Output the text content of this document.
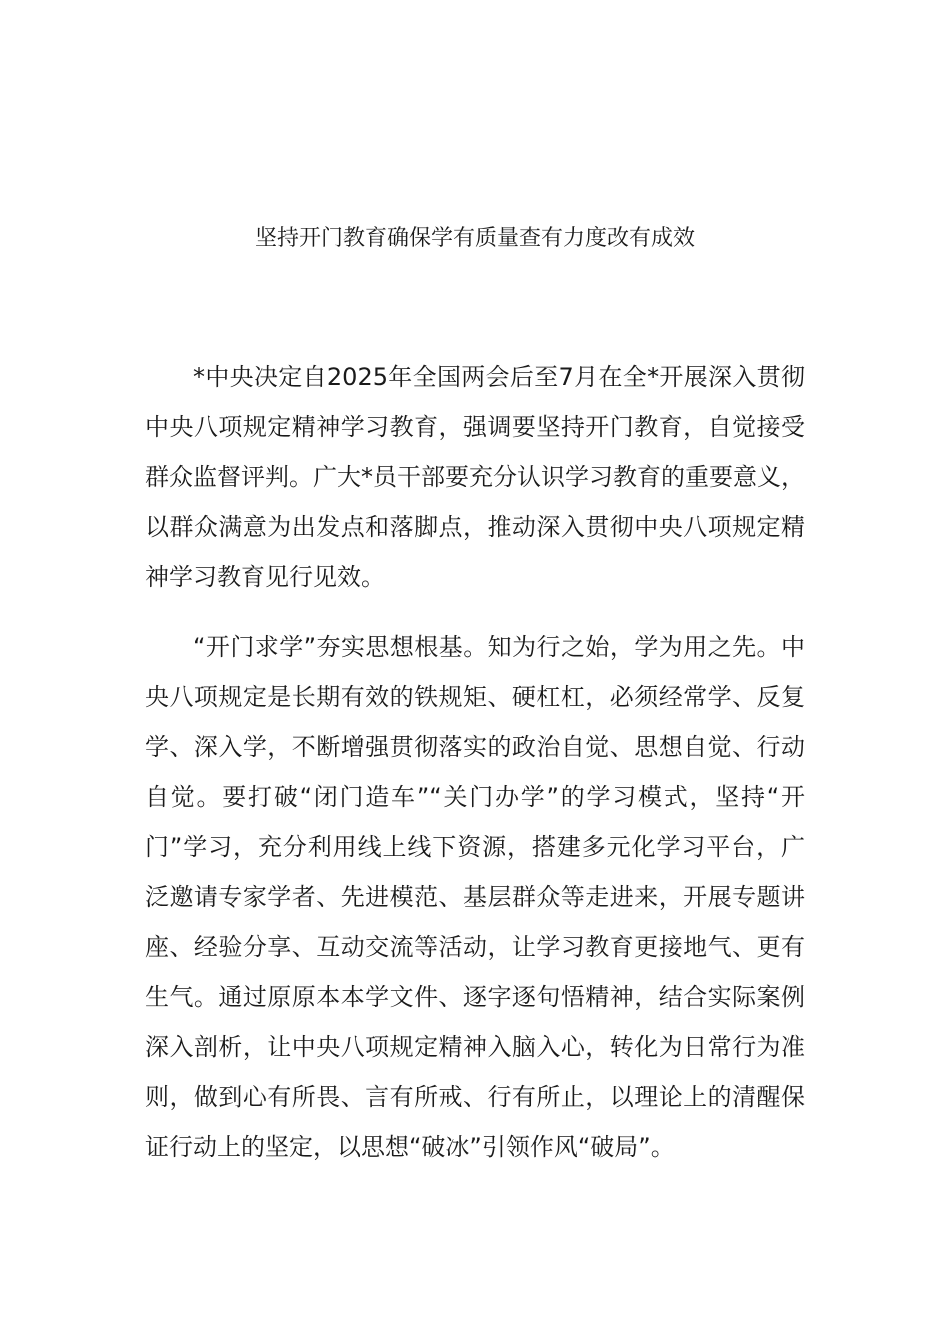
坚持开门教育确保学有质量查有力度改有成效

*中央决定自2025年全国两会后至7月在全*开展深入贯彻中央八项规定精神学习教育，强调要坚持开门教育，自觉接受群众监督评判。广大*员干部要充分认识学习教育的重要意义，以群众满意为出发点和落脚点，推动深入贯彻中央八项规定精神学习教育见行见效。

“开门求学”夯实思想根基。知为行之始，学为用之先。中央八项规定是长期有效的铁规矩、硬杠杠，必须经常学、反复学、深入学，不断增强贯彻落实的政治自觉、思想自觉、行动自觉。要打破“闭门造车”“关门办学”的学习模式，坚持“开门”学习，充分利用线上线下资源，搭建多元化学习平台，广泛邀请专家学者、先进模范、基层群众等走进来，开展专题讲座、经验分享、互动交流等活动，让学习教育更接地气、更有生气。通过原原本本学文件、逐字逐句悟精神，结合实际案例深入剖析，让中央八项规定精神入脑入心，转化为日常行为准则，做到心有所畏、言有所戒、行有所止，以理论上的清醒保证行动上的坚定，以思想“破冰”引领作风“破局”。
